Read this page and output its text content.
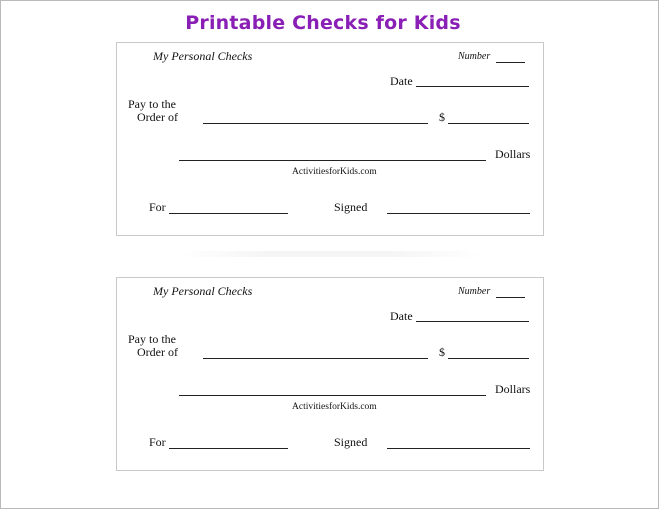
Printable Checks for Kids
My Personal Checks	Number
Date
Pay to the
Order of	$
Dollars
ActivitiesforKids.com
For	Signed
My Personal Checks	Number
Date
Pay to the
Order of	$
Dollars
ActivitiesforKids.com
For	Signed
